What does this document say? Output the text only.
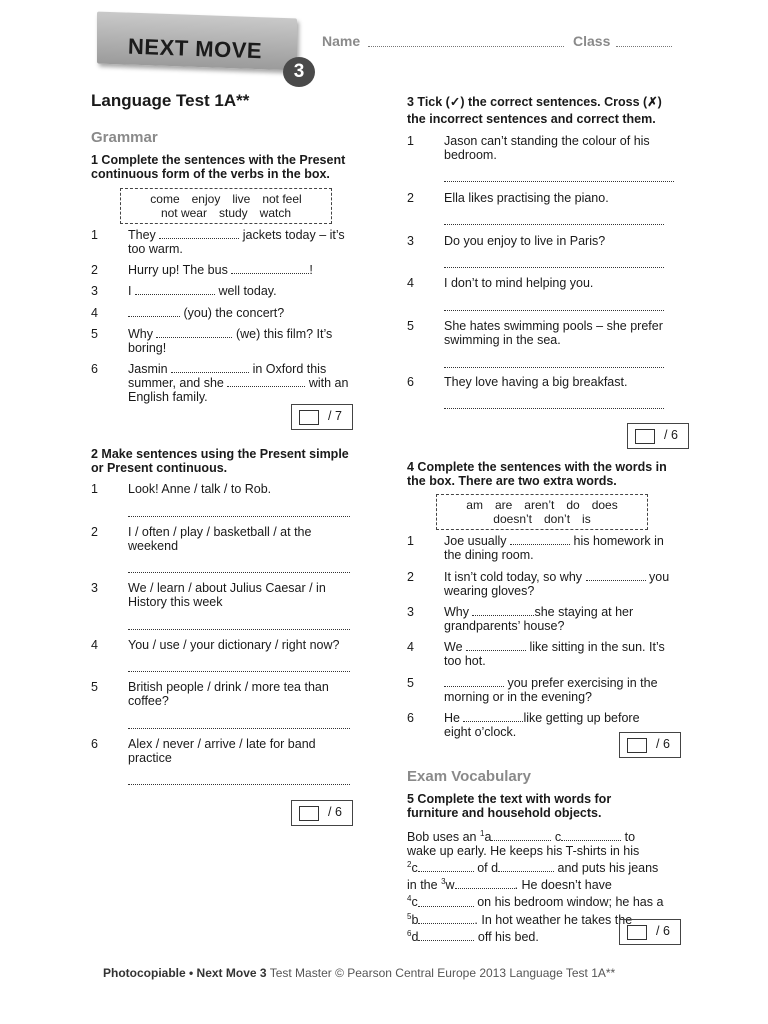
NEXT MOVE
3
Name	Class
Language Test 1A**
Grammar
1 Complete the sentences with the Present continuous form of the verbs in the box.
come enjoy live not feel
not wear study watch
1 They	jackets today – it’s
too warm.
2 Hurry up! The bus	!
3 I	well today.
4	(you) the concert?
5 Why	(we) this film? It’s
boring!
6 Jasmin	in Oxford this
summer, and she	with an
English family.
/ 7
2 Make sentences using the Present simple or Present continuous.
1 Look! Anne / talk / to Rob.
2 I / often / play / basketball / at the weekend
3 We / learn / about Julius Caesar / in History this week
4 You / use / your dictionary / right now?
5 British people / drink / more tea than coffee?
6 Alex / never / arrive / late for band practice
/ 6
3 Tick (✓) the correct sentences. Cross (✗)
the incorrect sentences and correct them.
1 Jason can’t standing the colour of his bedroom.
2 Ella likes practising the piano.
3 Do you enjoy to live in Paris?
4 I don’t to mind helping you.
5 She hates swimming pools – she prefer swimming in the sea.
6 They love having a big breakfast.
/ 6
4 Complete the sentences with the words in the box. There are two extra words.
am are aren’t do does
doesn’t don’t is
1 Joe usually	his homework in
the dining room.
2 It isn’t cold today, so why	you
wearing gloves?
3 Why	she staying at her
grandparents’ house?
4 We	like sitting in the sun. It’s
too hot.
5	you prefer exercising in the
morning or in the evening?
6 He	like getting up before
eight o’clock.
/ 6
Exam Vocabulary
5 Complete the text with words for furniture and household objects.
Bob uses an $^1$a	c	to
wake up early. He keeps his T-shirts in his
$^2$c	of d	and puts his jeans
in the $^3$w	. He doesn’t have
$^4$c	on his bedroom window; he has a
$^5$b	. In hot weather he takes the
$^6$d	off his bed.	/ 6
Photocopiable • Next Move 3 Test Master © Pearson Central Europe 2013 Language Test 1A**
